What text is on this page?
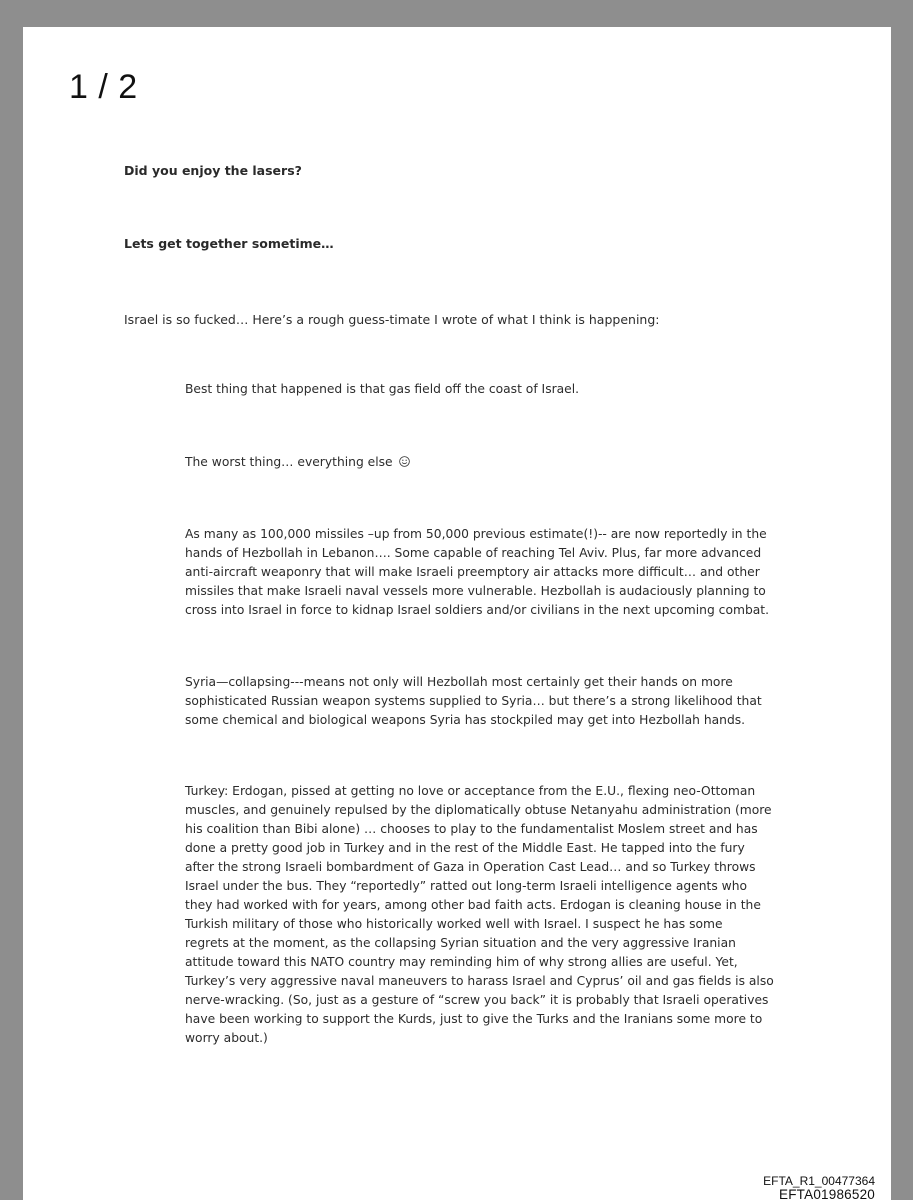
1 / 2
Did you enjoy the lasers?
Lets get together sometime…
Israel is so fucked… Here’s a rough guess-timate I wrote of what I think is happening:

Best thing that happened is that gas field off the coast of Israel.

The worst thing… everything else

As many as 100,000 missiles –up from 50,000 previous estimate(!)-- are now reportedly in the
hands of Hezbollah in Lebanon…. Some capable of reaching Tel Aviv. Plus, far more advanced
anti-aircraft weaponry that will make Israeli preemptory air attacks more difficult… and other
missiles that make Israeli naval vessels more vulnerable. Hezbollah is audaciously planning to
cross into Israel in force to kidnap Israel soldiers and/or civilians in the next upcoming combat.

Syria—collapsing---means not only will Hezbollah most certainly get their hands on more
sophisticated Russian weapon systems supplied to Syria… but there’s a strong likelihood that
some chemical and biological weapons Syria has stockpiled may get into Hezbollah hands.

Turkey: Erdogan, pissed at getting no love or acceptance from the E.U., flexing neo-Ottoman
muscles, and genuinely repulsed by the diplomatically obtuse Netanyahu administration (more
his coalition than Bibi alone) … chooses to play to the fundamentalist Moslem street and has
done a pretty good job in Turkey and in the rest of the Middle East. He tapped into the fury
after the strong Israeli bombardment of Gaza in Operation Cast Lead… and so Turkey throws
Israel under the bus. They “reportedly” ratted out long-term Israeli intelligence agents who
they had worked with for years, among other bad faith acts. Erdogan is cleaning house in the
Turkish military of those who historically worked well with Israel. I suspect he has some
regrets at the moment, as the collapsing Syrian situation and the very aggressive Iranian
attitude toward this NATO country may reminding him of why strong allies are useful. Yet,
Turkey’s very aggressive naval maneuvers to harass Israel and Cyprus’ oil and gas fields is also
nerve-wracking. (So, just as a gesture of “screw you back” it is probably that Israeli operatives
have been working to support the Kurds, just to give the Turks and the Iranians some more to
worry about.)

EFTA_R1_00477364
EFTA01986520
